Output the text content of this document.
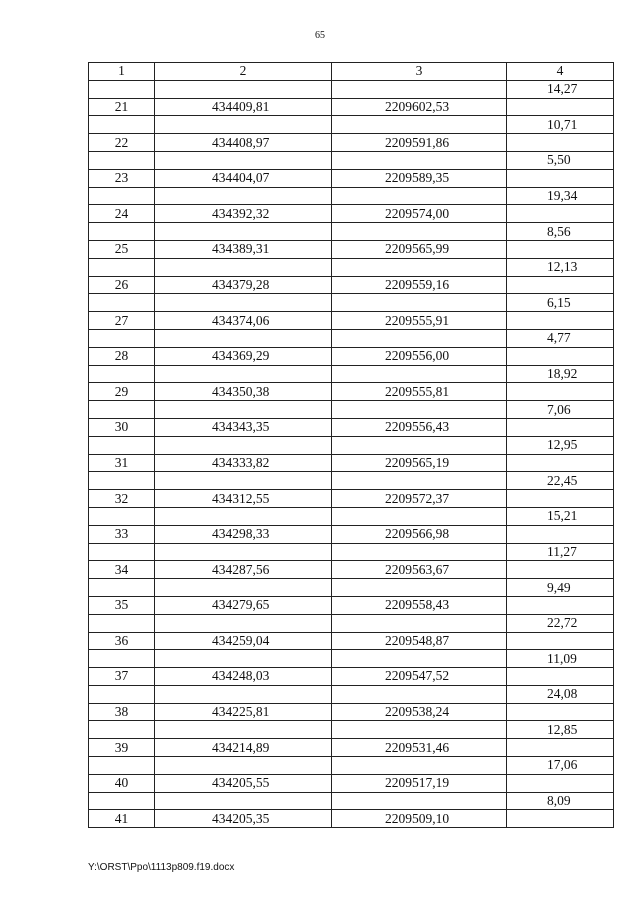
65
1	2	3	4
			14,27
21	434409,81	2209602,53	
			10,71
22	434408,97	2209591,86	
			5,50
23	434404,07	2209589,35	
			19,34
24	434392,32	2209574,00	
			8,56
25	434389,31	2209565,99	
			12,13
26	434379,28	2209559,16	
			6,15
27	434374,06	2209555,91	
			4,77
28	434369,29	2209556,00	
			18,92
29	434350,38	2209555,81	
			7,06
30	434343,35	2209556,43	
			12,95
31	434333,82	2209565,19	
			22,45
32	434312,55	2209572,37	
			15,21
33	434298,33	2209566,98	
			11,27
34	434287,56	2209563,67	
			9,49
35	434279,65	2209558,43	
			22,72
36	434259,04	2209548,87	
			11,09
37	434248,03	2209547,52	
			24,08
38	434225,81	2209538,24	
			12,85
39	434214,89	2209531,46	
			17,06
40	434205,55	2209517,19	
			8,09
41	434205,35	2209509,10	
Y:\ORST\Ppo\1113p809.f19.docx
